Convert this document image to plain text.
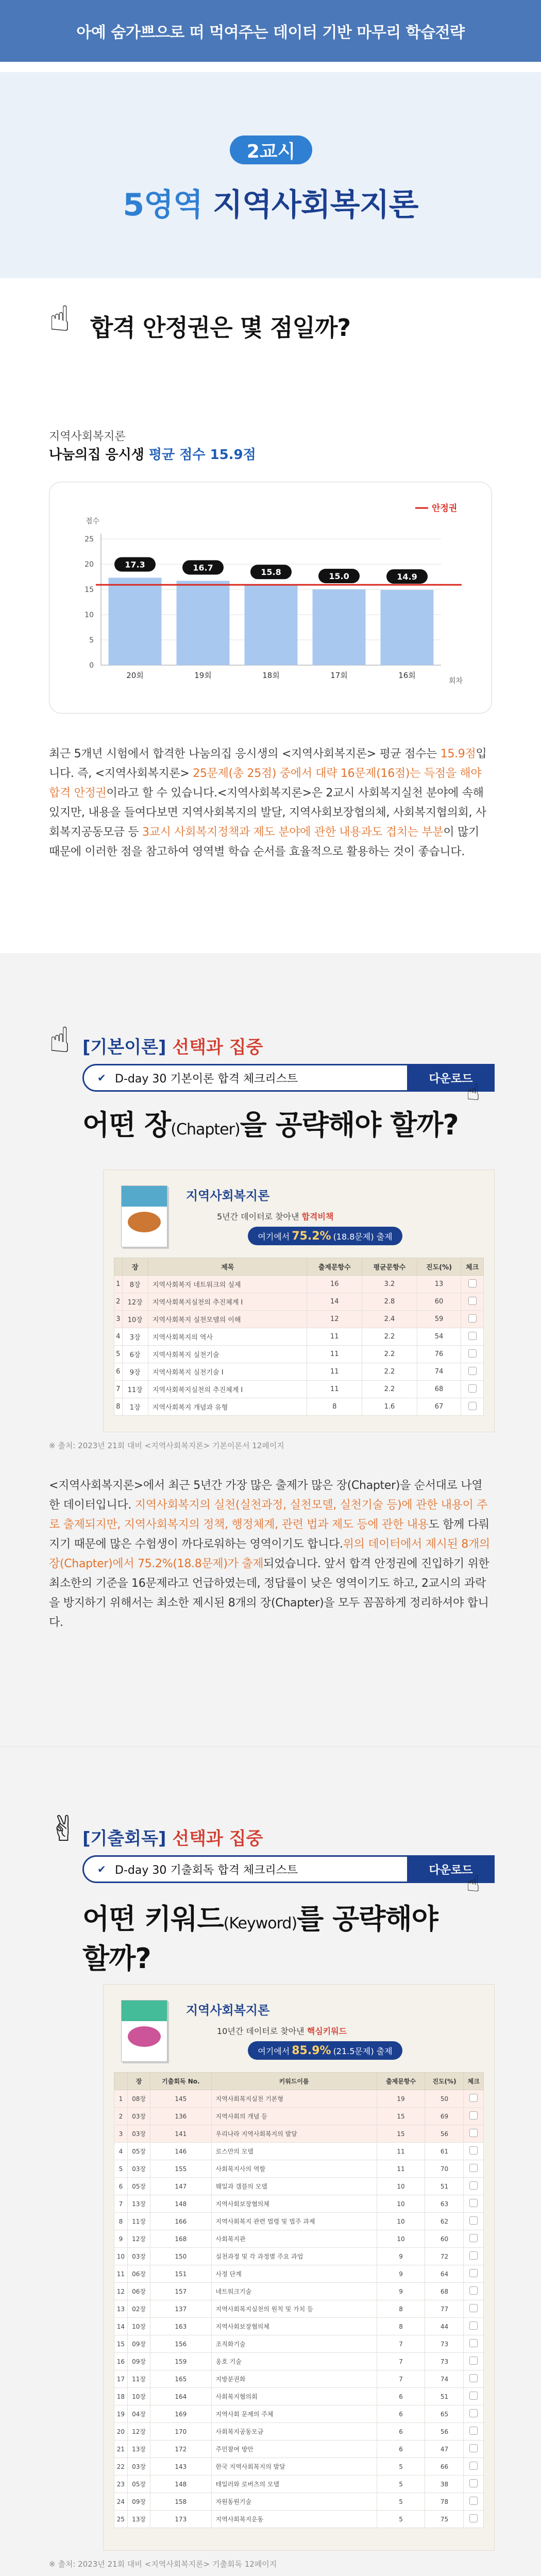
아예 숨가쁘으로 떠 먹여주는 데이터 기반 마무리 학습전략
2교시
5영역 지역사회복지론
☝ 합격 안정권은 몇 점일까?
지역사회복지론
나눔의집 응시생 평균 점수 15.9점
0
5
10
15
20
25
점수
회차
20회
17.3
19회
16.7
18회
15.8
17회
15.0
16회
14.9
안정권
최근 5개년 시험에서 합격한 나눔의집 응시생의 <지역사회복지론> 평균 점수는 15.9점입니다. 즉, <지역사회복지론> 25문제(총 25점) 중에서 대략 16문제(16점)는 득점을 해야 합격 안정권이라고 할 수 있습니다.<지역사회복지론>은 2교시 사회복지실천 분야에 속해있지만, 내용을 들여다보면 지역사회복지의 발달, 지역사회보장협의체, 사회복지협의회, 사회복지공동모금 등 3교시 사회복지정책과 제도 분야에 관한 내용과도 겹치는 부분이 많기 때문에 이러한 점을 참고하여 영역별 학습 순서를 효율적으로 활용하는 것이 좋습니다.
☝ [기본이론] 선택과 집중
✔ D-day 30 기본이론 합격 체크리스트	다운로드
☝
어떤 장(Chapter)을 공략해야 할까?
지역사회복지론
5년간 데이터로 찾아낸 합격비책
여기에서 75.2% (18.8문제) 출제
	장	제목	출제문항수	평균문항수	진도(%)	체크
1	8장	지역사회복지 네트워크의 실제	16	3.2	13	
2	12장	지역사회복지실천의 추진체계 Ⅰ	14	2.8	60	
3	10장	지역사회복지 실천모델의 이해	12	2.4	59	
4	3장	지역사회복지의 역사	11	2.2	54	
5	6장	지역사회복지 실천기술	11	2.2	76	
6	9장	지역사회복지 실천기술 Ⅰ	11	2.2	74	
7	11장	지역사회복지실천의 추진체계 Ⅰ	11	2.2	68	
8	1장	지역사회복지 개념과 유형	8	1.6	67	
※ 출처: 2023년 21회 대비 <지역사회복지론> 기본이론서 12페이지
<지역사회복지론>에서 최근 5년간 가장 많은 출제가 많은 장(Chapter)을 순서대로 나열한 데이터입니다. 지역사회복지의 실천(실천과정, 실천모델, 실천기술 등)에 관한 내용이 주로 출제되지만, 지역사회복지의 정책, 행정체계, 관련 법과 제도 등에 관한 내용도 함께 다뤄지기 때문에 많은 수험생이 까다로워하는 영역이기도 합니다.위의 데이터에서 제시된 8개의 장(Chapter)에서 75.2%(18.8문제)가 출제되었습니다. 앞서 합격 안정권에 진입하기 위한 최소한의 기준을 16문제라고 언급하였는데, 정답률이 낮은 영역이기도 하고, 2교시의 과락을 방지하기 위해서는 최소한 제시된 8개의 장(Chapter)을 모두 꼼꼼하게 정리하셔야 합니다.
✌ [기출회독] 선택과 집중
✔ D-day 30 기출회독 합격 체크리스트	다운로드
☝
어떤 키워드(Keyword)를 공략해야
할까?
지역사회복지론
10년간 데이터로 찾아낸 핵심키워드
여기에서 85.9% (21.5문제) 출제
	장	기출회독 No.	키워드이름	출제문항수	진도(%)	체크
1	08장	145	지역사회복지실천 기본형	19	50	
2	03장	136	지역사회의 개념 등	15	69	
3	03장	141	우리나라 지역사회복지의 발달	15	56	
4	05장	146	로스만의 모델	11	61	
5	03장	155	사회복지사의 역할	11	70	
6	05장	147	웨일과 갬블의 모델	10	51	
7	13장	148	지역사회보장협의체	10	63	
8	11장	166	지역사회복지 관련 법령 및 법주 과제	10	62	
9	12장	168	사회복지관	10	60	
10	03장	150	실천과정 및 각 과정별 주요 과업	9	72	
11	06장	151	사정 단계	9	64	
12	06장	157	네트워크기술	9	68	
13	02장	137	지역사회복지실천의 원칙 및 가치 등	8	77	
14	10장	163	지역사회보장협의체	8	44	
15	09장	156	조직화기술	7	73	
16	09장	159	옹호 기술	7	73	
17	11장	165	지방분권화	7	74	
18	10장	164	사회복지협의회	6	51	
19	04장	169	지역사회 문제의 주체	6	65	
20	12장	170	사회복지공동모금	6	56	
21	13장	172	주민참여 방안	6	47	
22	03장	143	한국 지역사회복지의 발달	5	66	
23	05장	148	테일러와 로버츠의 모델	5	38	
24	09장	158	자원동원기술	5	78	
25	13장	173	지역사회복지운동	5	75	
※ 출처: 2023년 21회 대비 <지역사회복지론> 기출회독 12페이지
